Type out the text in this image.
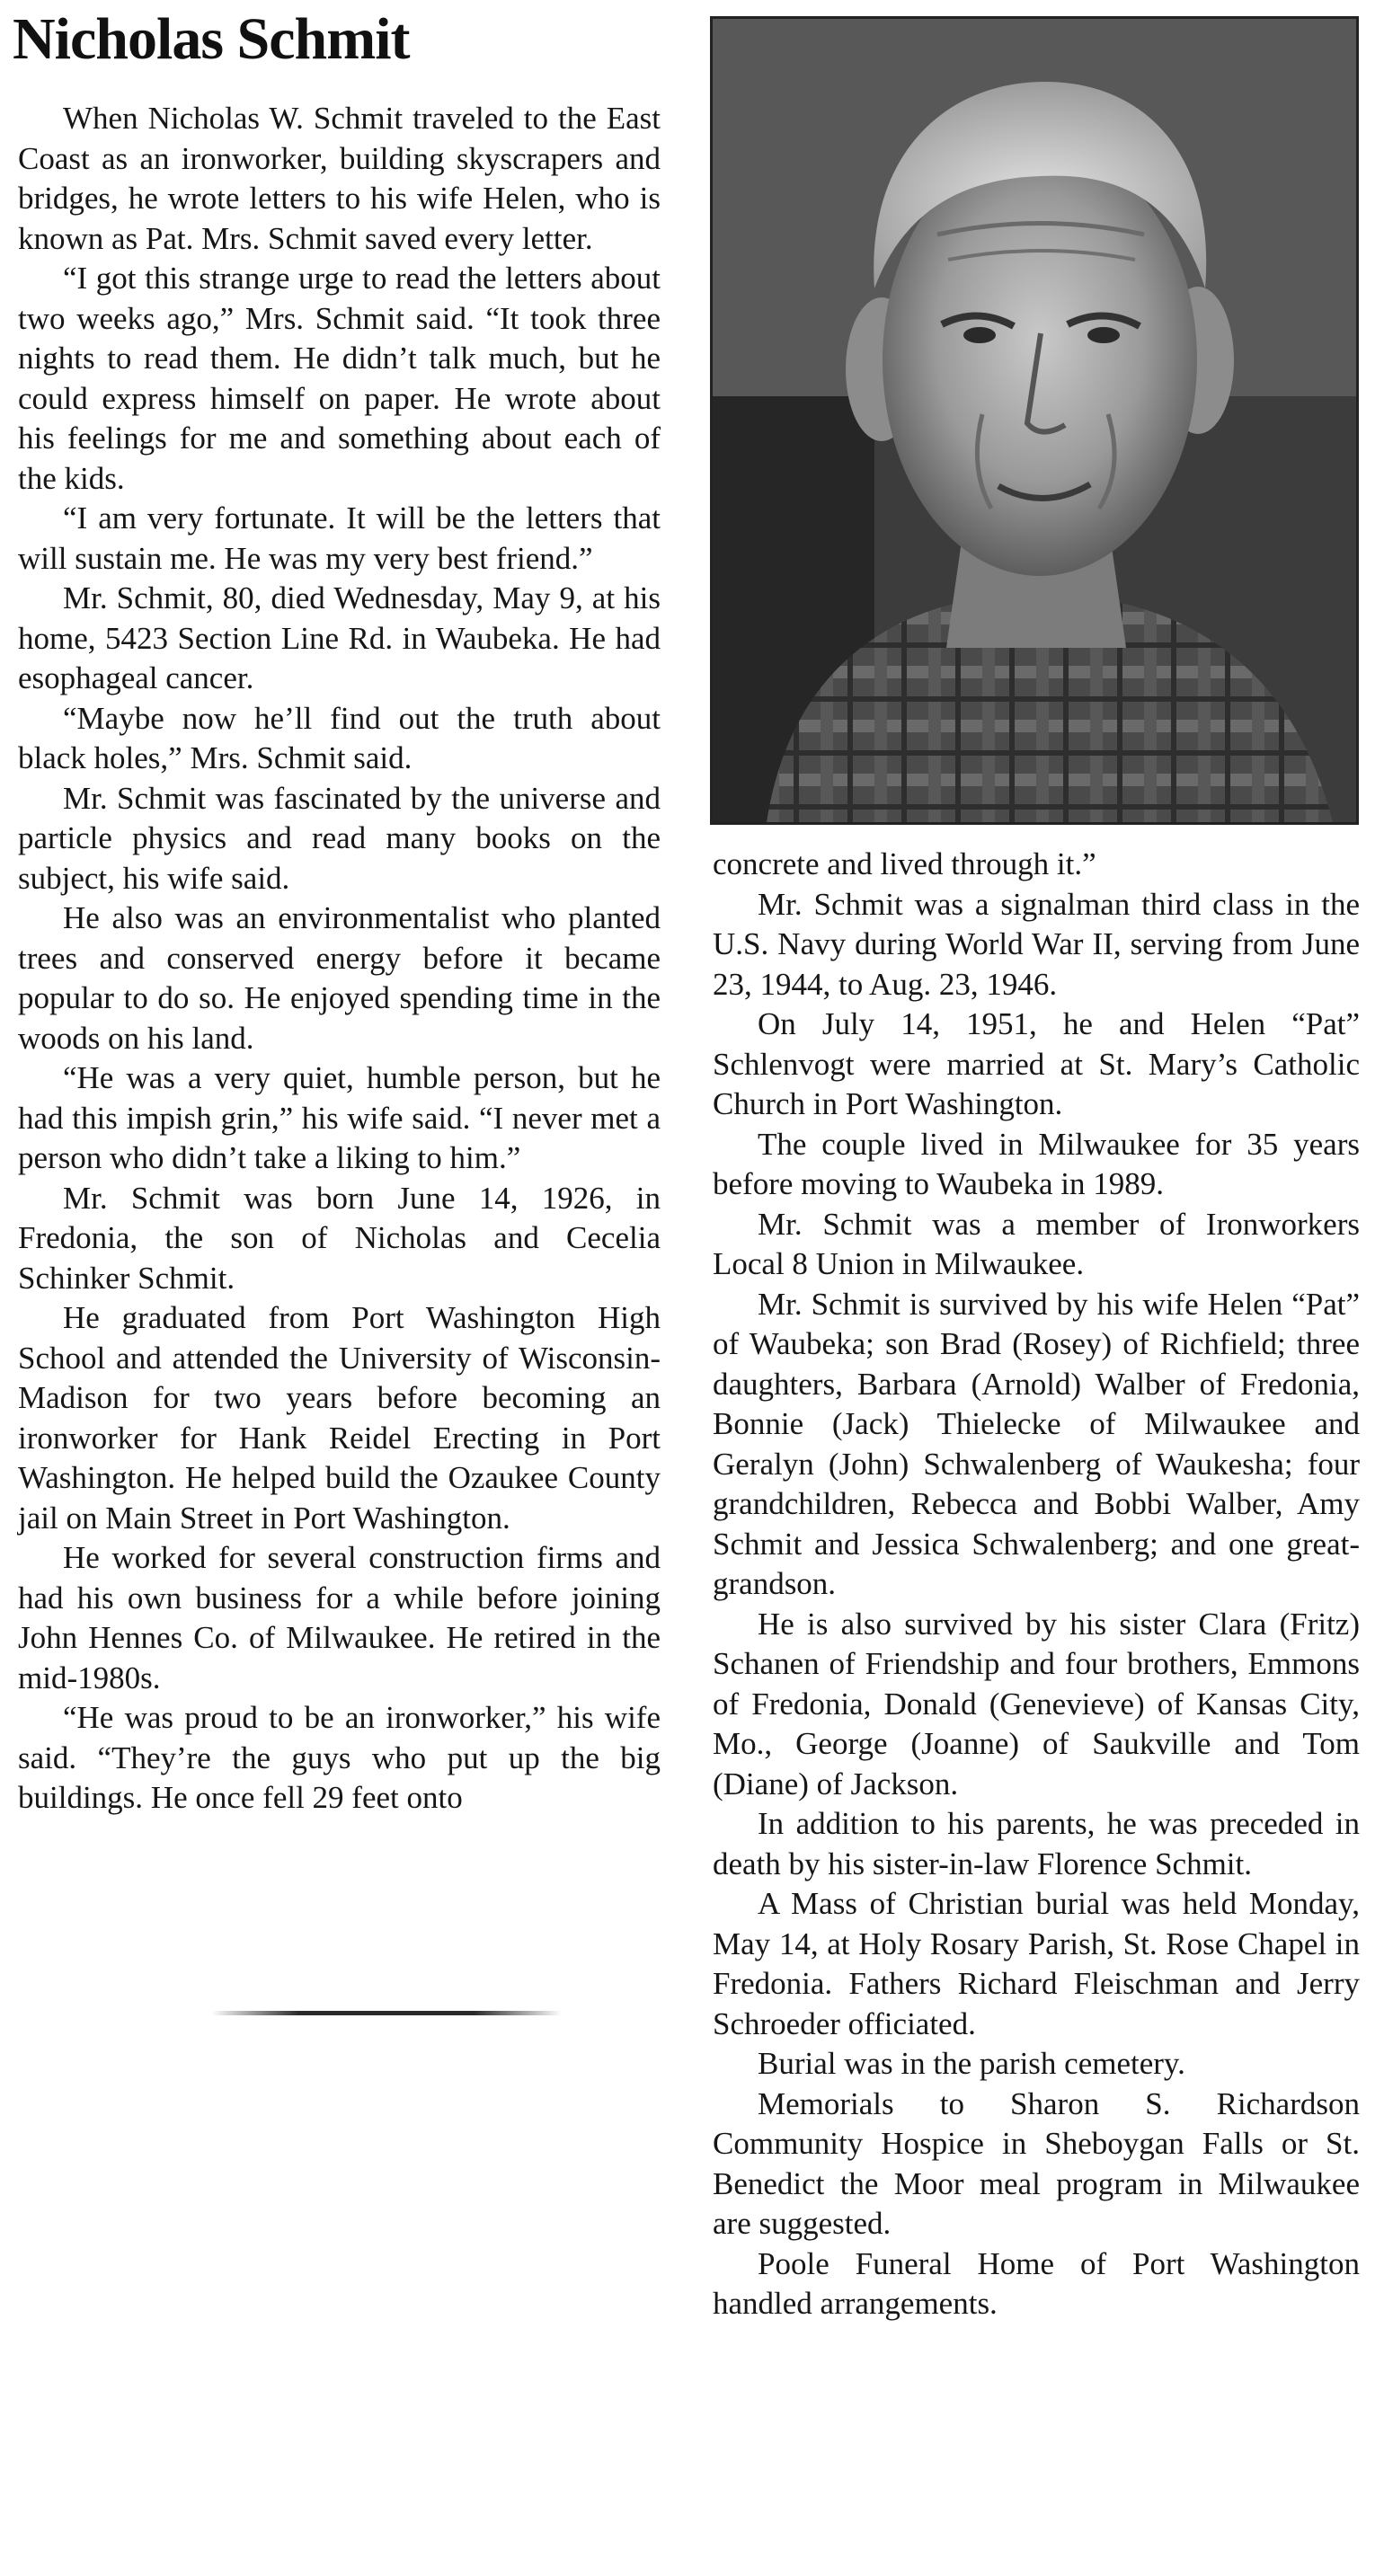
Nicholas Schmit

When Nicholas W. Schmit traveled to the East Coast as an ironworker, building skyscrapers and bridges, he wrote letters to his wife Helen, who is known as Pat. Mrs. Schmit saved every letter.

“I got this strange urge to read the letters about two weeks ago,” Mrs. Schmit said. “It took three nights to read them. He didn’t talk much, but he could express himself on paper. He wrote about his feelings for me and something about each of the kids.

“I am very fortunate. It will be the letters that will sustain me. He was my very best friend.”

Mr. Schmit, 80, died Wednesday, May 9, at his home, 5423 Section Line Rd. in Waubeka. He had esophageal cancer.

“Maybe now he’ll find out the truth about black holes,” Mrs. Schmit said.

Mr. Schmit was fascinated by the universe and particle physics and read many books on the subject, his wife said.

He also was an environmentalist who planted trees and conserved energy before it became popular to do so. He enjoyed spending time in the woods on his land.

“He was a very quiet, humble person, but he had this impish grin,” his wife said. “I never met a person who didn’t take a liking to him.”

Mr. Schmit was born June 14, 1926, in Fredonia, the son of Nicholas and Cecelia Schinker Schmit.

He graduated from Port Washington High School and attended the University of Wisconsin-Madison for two years before becoming an ironworker for Hank Reidel Erecting in Port Washington. He helped build the Ozaukee County jail on Main Street in Port Washington.

He worked for several construction firms and had his own business for a while before joining John Hennes Co. of Milwaukee. He retired in the mid-1980s.

“He was proud to be an ironworker,” his wife said. “They’re the guys who put up the big buildings. He once fell 29 feet onto

concrete and lived through it.”

Mr. Schmit was a signalman third class in the U.S. Navy during World War II, serving from June 23, 1944, to Aug. 23, 1946.

On July 14, 1951, he and Helen “Pat” Schlenvogt were married at St. Mary’s Catholic Church in Port Washington.

The couple lived in Milwaukee for 35 years before moving to Waubeka in 1989.

Mr. Schmit was a member of Ironworkers Local 8 Union in Milwaukee.

Mr. Schmit is survived by his wife Helen “Pat” of Waubeka; son Brad (Rosey) of Richfield; three daughters, Barbara (Arnold) Walber of Fredonia, Bonnie (Jack) Thielecke of Milwaukee and Geralyn (John) Schwalenberg of Waukesha; four grandchildren, Rebecca and Bobbi Walber, Amy Schmit and Jessica Schwalenberg; and one great-grandson.

He is also survived by his sister Clara (Fritz) Schanen of Friendship and four brothers, Emmons of Fredonia, Donald (Genevieve) of Kansas City, Mo., George (Joanne) of Saukville and Tom (Diane) of Jackson.

In addition to his parents, he was preceded in death by his sister-in-law Florence Schmit.

A Mass of Christian burial was held Monday, May 14, at Holy Rosary Parish, St. Rose Chapel in Fredonia. Fathers Richard Fleischman and Jerry Schroeder officiated.

Burial was in the parish cemetery.

Memorials to Sharon S. Richardson Community Hospice in Sheboygan Falls or St. Benedict the Moor meal program in Milwaukee are suggested.

Poole Funeral Home of Port Washington handled arrangements.
